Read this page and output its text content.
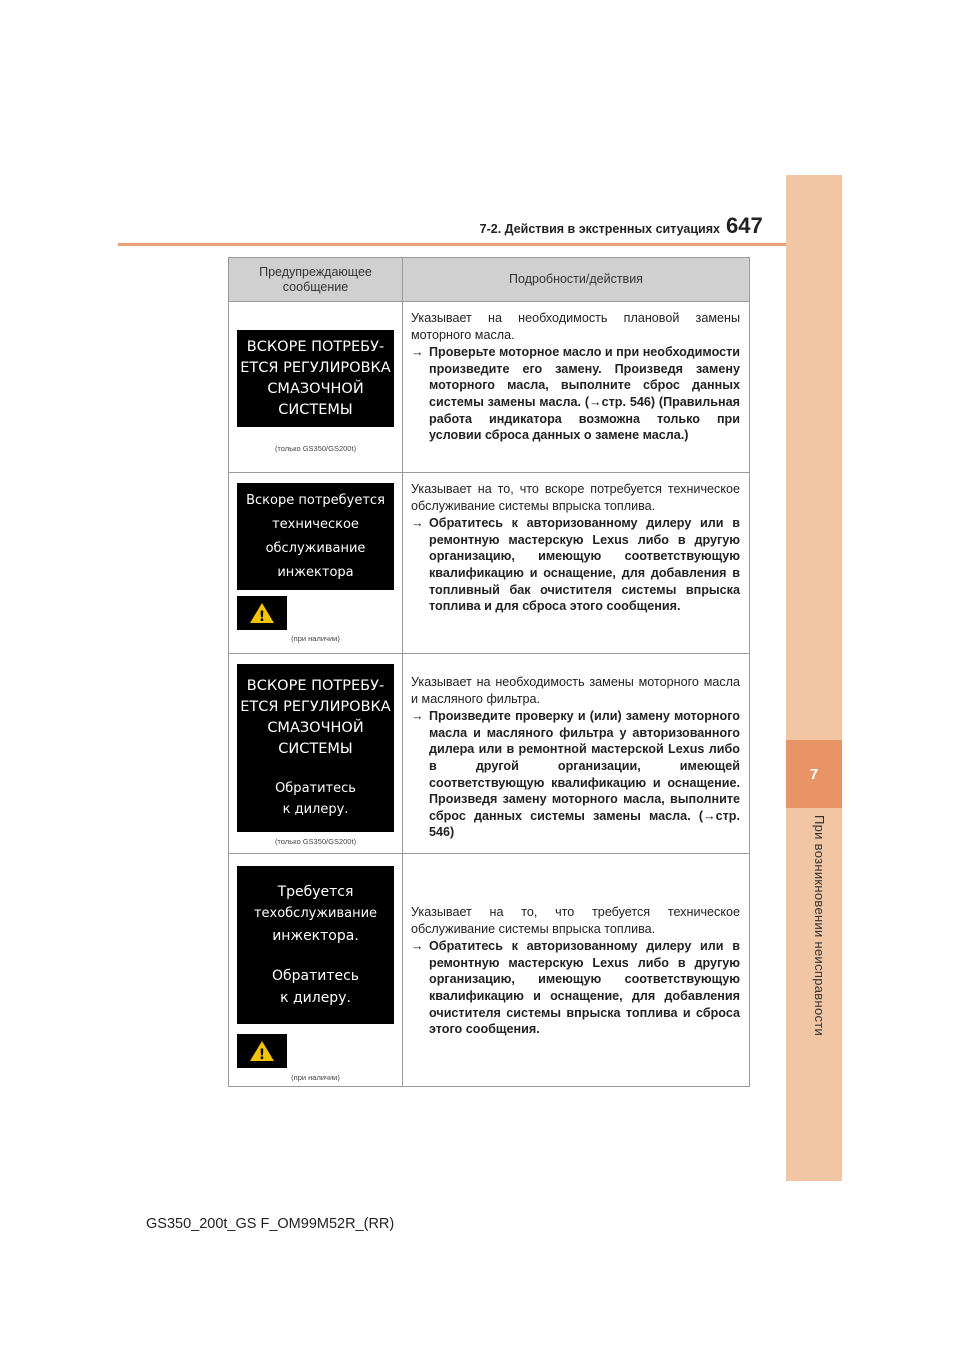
7-2. Действия в экстренных ситуациях 647
7
При возникновении неисправности
Предупреждающее сообщение
Подробности/действия
ВСКОРЕ ПОТРЕБУ-
ЕТСЯ РЕГУЛИРОВКА
СМАЗОЧНОЙ
СИСТЕМЫ
(только GS350/GS200t)

Указывает на необходимость плановой замены моторного масла.

→ Проверьте моторное масло и при необходимости произведите его замену. Произведя замену моторного масла, выполните сброс данных системы замены масла. (→стр. 546) (Правильная работа индикатора возможна только при условии сброса данных о замене масла.)
Вскоре потребуется
техническое
обслуживание
инжектора
!
(при наличии)

Указывает на то, что вскоре потребуется техническое обслуживание системы впрыска топлива.

→ Обратитесь к авторизованному дилеру или в ремонтную мастерскую Lexus либо в другую организацию, имеющую соответствующую квалификацию и оснащение, для добавления в топливный бак очистителя системы впрыска топлива и для сброса этого сообщения.
ВСКОРЕ ПОТРЕБУ-
ЕТСЯ РЕГУЛИРОВКА
СМАЗОЧНОЙ
СИСТЕМЫ
Обратитесь
к дилеру.
(только GS350/GS200t)

Указывает на необходимость замены моторного масла и масляного фильтра.

→ Произведите проверку и (или) замену моторного масла и масляного фильтра у авторизованного дилера или в ремонтной мастерской Lexus либо в другой организации, имеющей соответствующую квалификацию и оснащение. Произведя замену моторного масла, выполните сброс данных системы замены масла. (→стр. 546)
Требуется
техобслуживание
инжектора.
Обратитесь
к дилеру.
!
(при наличии)

Указывает на то, что требуется техническое обслуживание системы впрыска топлива.

→ Обратитесь к авторизованному дилеру или в ремонтную мастерскую Lexus либо в другую организацию, имеющую соответствующую квалификацию и оснащение, для добавления очистителя системы впрыска топлива и сброса этого сообщения.
GS350_200t_GS F_OM99M52R_(RR)
